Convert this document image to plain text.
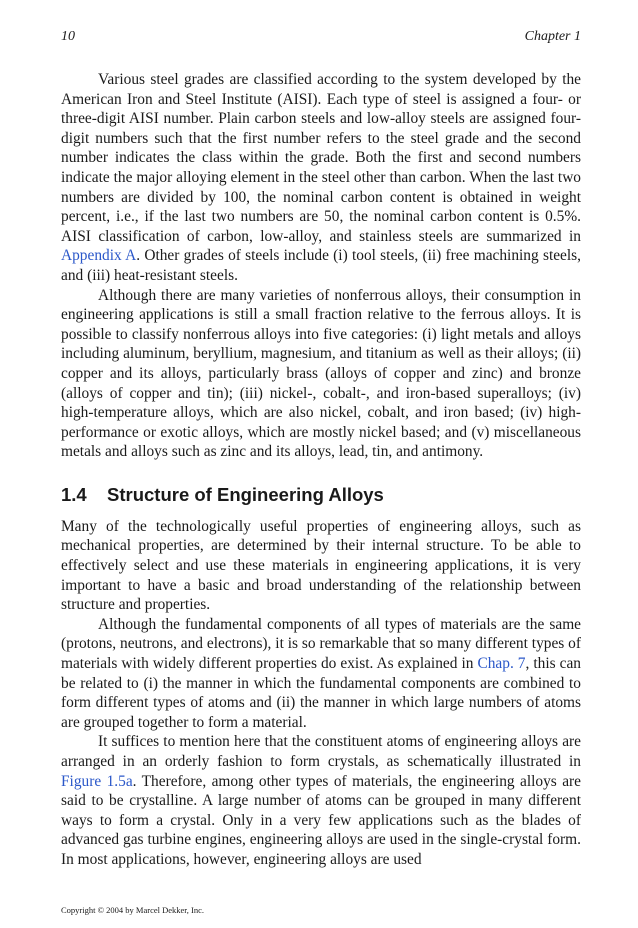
10	Chapter 1

Various steel grades are classified according to the system developed by the American Iron and Steel Institute (AISI). Each type of steel is assigned a four- or three-digit AISI number. Plain carbon steels and low-alloy steels are assigned four-digit numbers such that the first number refers to the steel grade and the second number indicates the class within the grade. Both the first and second numbers indicate the major alloying element in the steel other than carbon. When the last two numbers are divided by 100, the nominal carbon content is obtained in weight percent, i.e., if the last two numbers are 50, the nominal carbon content is 0.5%. AISI classification of carbon, low-alloy, and stainless steels are summarized in Appendix A. Other grades of steels include (i) tool steels, (ii) free machining steels, and (iii) heat-resistant steels.

Although there are many varieties of nonferrous alloys, their consumption in engineering applications is still a small fraction relative to the ferrous alloys. It is possible to classify nonferrous alloys into five categories: (i) light metals and alloys including aluminum, beryllium, magnesium, and titanium as well as their alloys; (ii) copper and its alloys, particularly brass (alloys of copper and zinc) and bronze (alloys of copper and tin); (iii) nickel-, cobalt-, and iron-based superalloys; (iv) high-temperature alloys, which are also nickel, cobalt, and iron based; (iv) high-performance or exotic alloys, which are mostly nickel based; and (v) miscellaneous metals and alloys such as zinc and its alloys, lead, tin, and antimony.

1.4 Structure of Engineering Alloys

Many of the technologically useful properties of engineering alloys, such as mechanical properties, are determined by their internal structure. To be able to effectively select and use these materials in engineering applications, it is very important to have a basic and broad understanding of the relationship between structure and properties.

Although the fundamental components of all types of materials are the same (protons, neutrons, and electrons), it is so remarkable that so many different types of materials with widely different properties do exist. As explained in Chap. 7, this can be related to (i) the manner in which the fundamental components are combined to form different types of atoms and (ii) the manner in which large numbers of atoms are grouped together to form a material.

It suffices to mention here that the constituent atoms of engineering alloys are arranged in an orderly fashion to form crystals, as schematically illustrated in Figure 1.5a. Therefore, among other types of materials, the engineering alloys are said to be crystalline. A large number of atoms can be grouped in many different ways to form a crystal. Only in a very few applications such as the blades of advanced gas turbine engines, engineering alloys are used in the single-crystal form. In most applications, however, engineering alloys are used

Copyright © 2004 by Marcel Dekker, Inc.
